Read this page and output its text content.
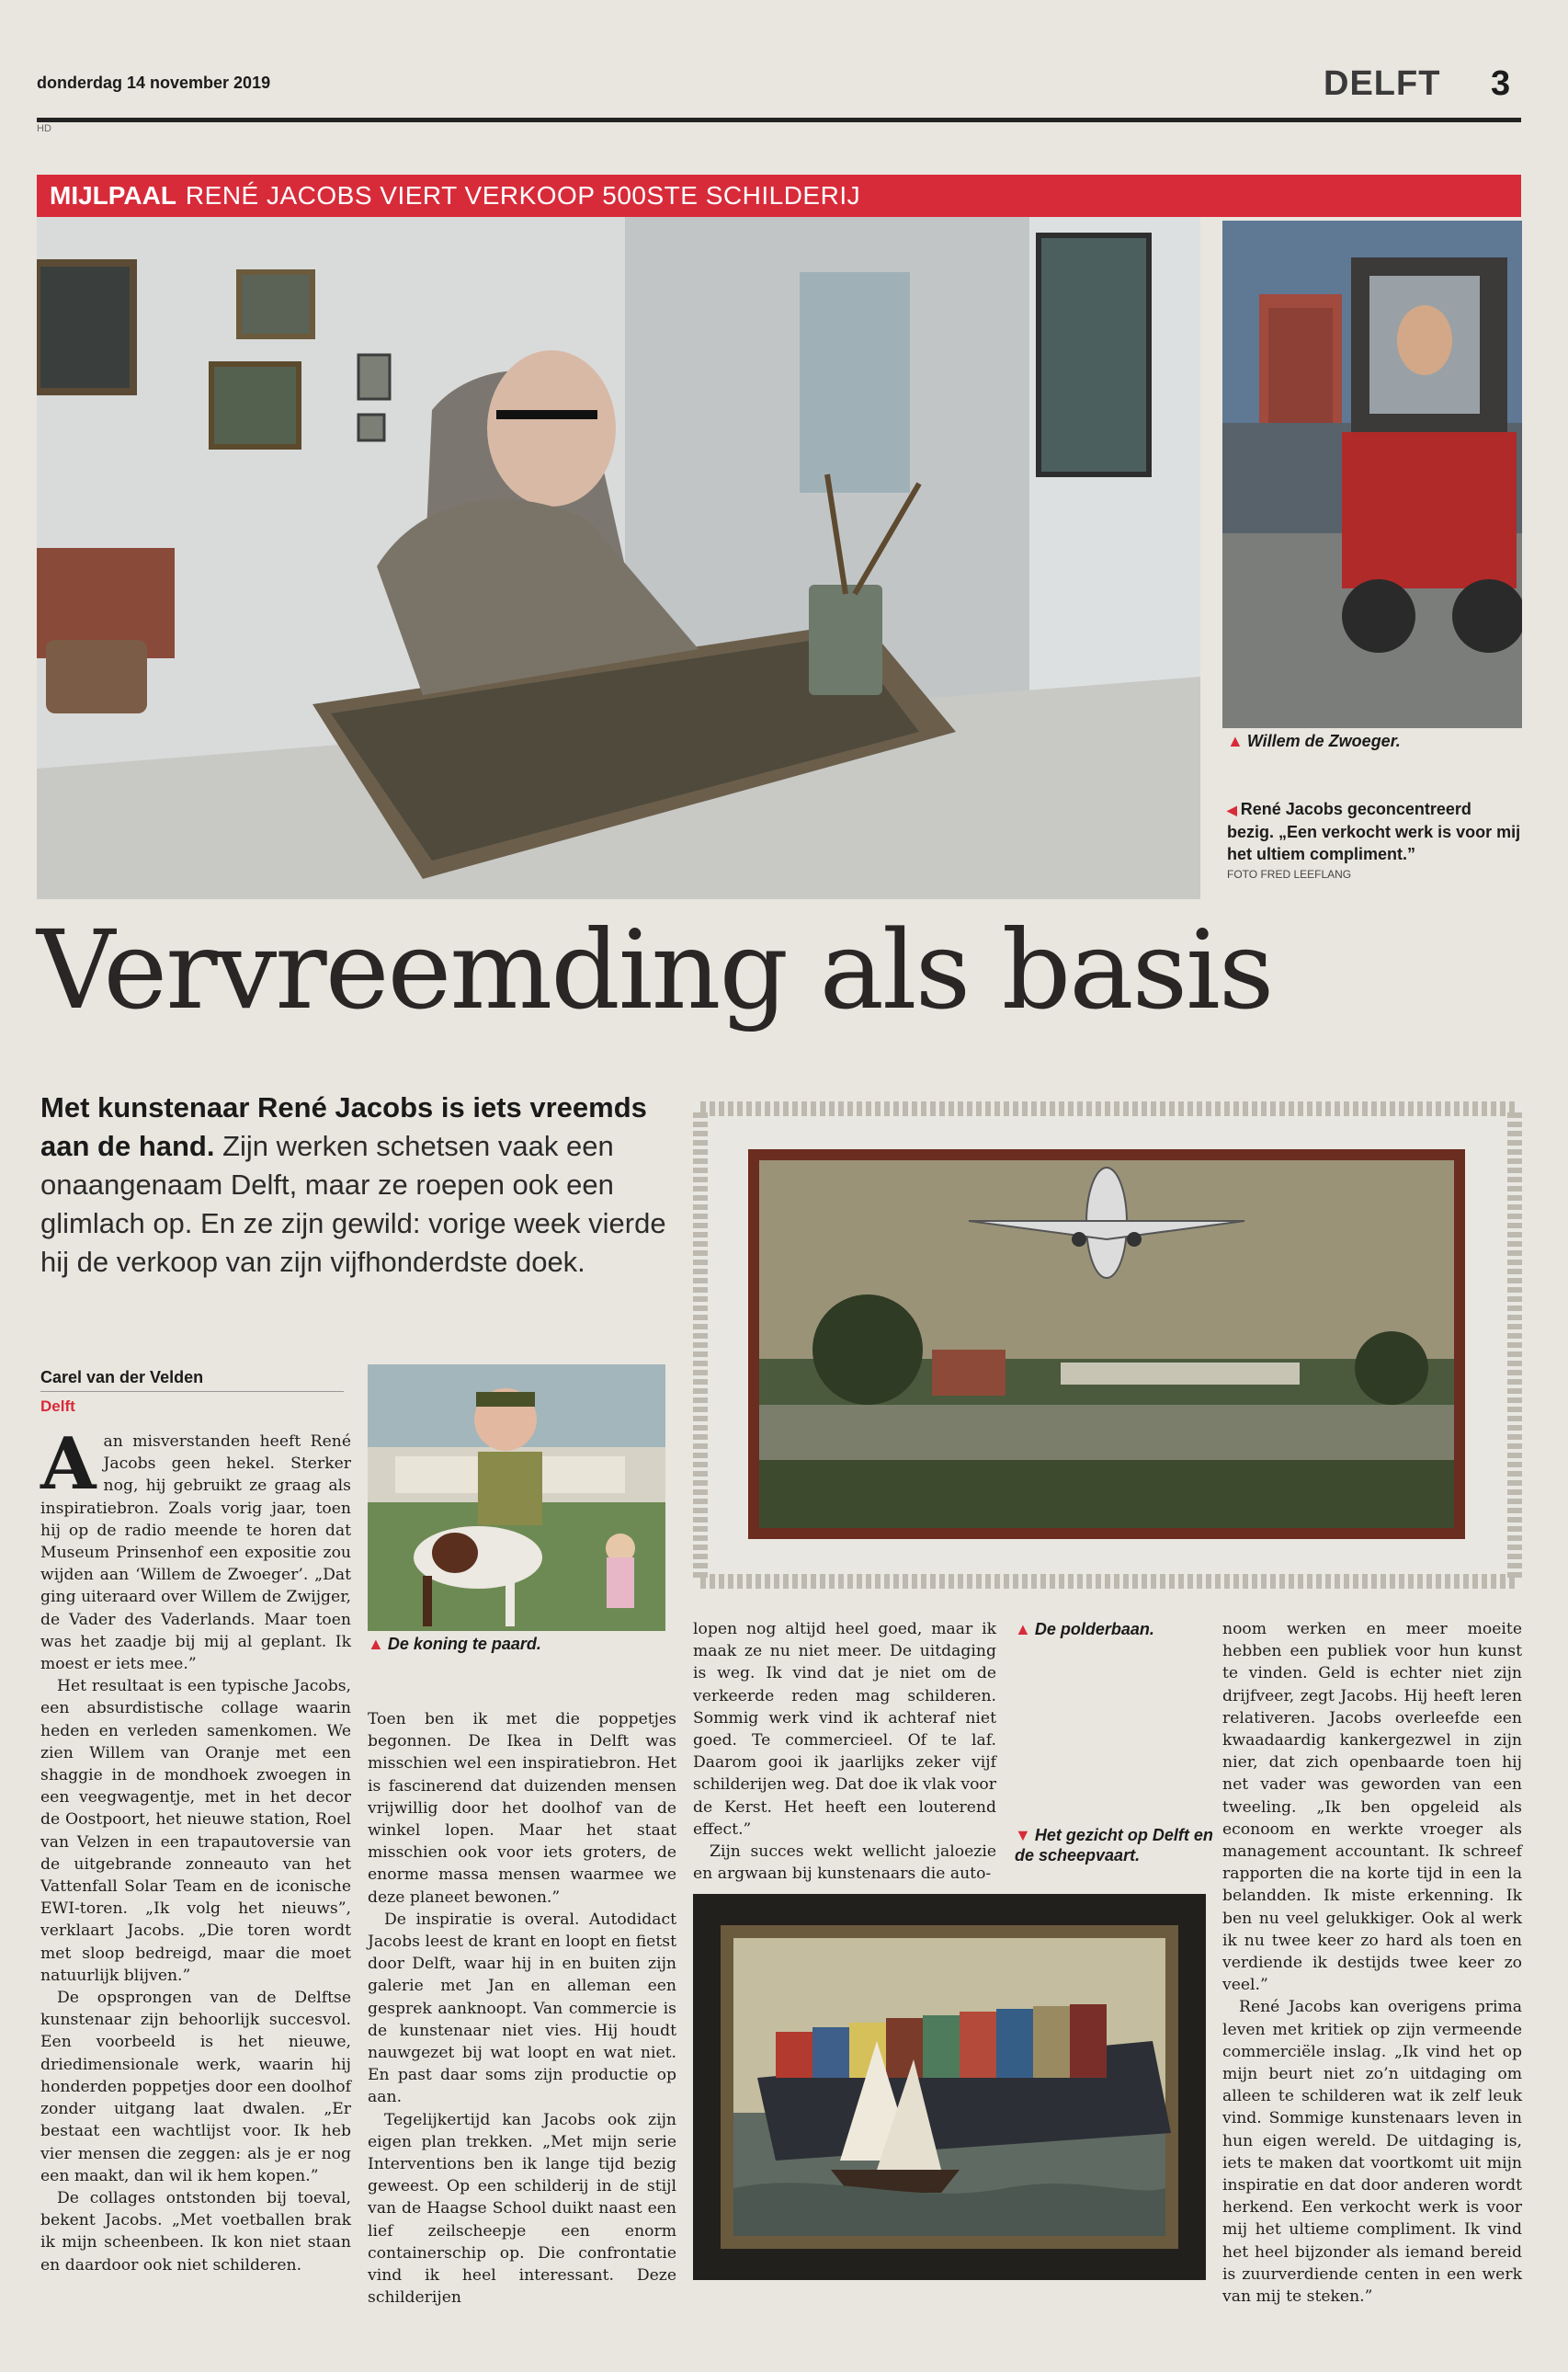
donderdag 14 november 2019	DELFT 3
HD
MIJLPAAL RENÉ JACOBS VIERT VERKOOP 500STE SCHILDERIJ
▲ Willem de Zwoeger.
◀ René Jacobs geconcentreerd bezig. „Een verkocht werk is voor mij het ultiem compliment.”
FOTO FRED LEEFLANG
Vervreemding als basis
Met kunstenaar René Jacobs is iets vreemds aan de hand. Zijn werken schetsen vaak een onaangenaam Delft, maar ze roepen ook een glimlach op. En ze zijn gewild: vorige week vierde hij de verkoop van zijn vijfhonderdste doek.
Carel van der Velden
Delft
▲ De koning te paard.
▲ De polderbaan.
▼ Het gezicht op Delft en de scheepvaart.

Aan misverstanden heeft René Jacobs geen hekel. Sterker nog, hij gebruikt ze graag als inspiratiebron. Zoals vorig jaar, toen hij op de radio meende te horen dat Museum Prinsenhof een expositie zou wijden aan ‘Willem de Zwoeger’. „Dat ging uiteraard over Willem de Zwijger, de Vader des Vaderlands. Maar toen was het zaadje bij mij al geplant. Ik moest er iets mee.”

Het resultaat is een typische Jacobs, een absurdistische collage waarin heden en verleden samenkomen. We zien Willem van Oranje met een shaggie in de mondhoek zwoegen in een veegwagentje, met in het decor de Oostpoort, het nieuwe station, Roel van Velzen in een trapautoversie van de uitgebrande zonneauto van het Vattenfall Solar Team en de iconische EWI-toren. „Ik volg het nieuws”, verklaart Jacobs. „Die toren wordt met sloop bedreigd, maar die moet natuurlijk blijven.”

De opsprongen van de Delftse kunstenaar zijn behoorlijk succesvol. Een voorbeeld is het nieuwe, driedimensionale werk, waarin hij honderden poppetjes door een doolhof zonder uitgang laat dwalen. „Er bestaat een wachtlijst voor. Ik heb vier mensen die zeggen: als je er nog een maakt, dan wil ik hem kopen.”

De collages ontstonden bij toeval, bekent Jacobs. „Met voetballen brak ik mijn scheenbeen. Ik kon niet staan en daardoor ook niet schilderen.

Toen ben ik met die poppetjes begonnen. De Ikea in Delft was misschien wel een inspiratiebron. Het is fascinerend dat duizenden mensen vrijwillig door het doolhof van de winkel lopen. Maar het staat misschien ook voor iets groters, de enorme massa mensen waarmee we deze planeet bewonen.”

De inspiratie is overal. Autodidact Jacobs leest de krant en loopt en fietst door Delft, waar hij in en buiten zijn galerie met Jan en alleman een gesprek aanknoopt. Van commercie is de kunstenaar niet vies. Hij houdt nauwgezet bij wat loopt en wat niet. En past daar soms zijn productie op aan.

Tegelijkertijd kan Jacobs ook zijn eigen plan trekken. „Met mijn serie Interventions ben ik lange tijd bezig geweest. Op een schilderij in de stijl van de Haagse School duikt naast een lief zeilscheepje een enorm containerschip op. Die confrontatie vind ik heel interessant. Deze schilderijen

lopen nog altijd heel goed, maar ik maak ze nu niet meer. De uitdaging is weg. Ik vind dat je niet om de verkeerde reden mag schilderen. Sommig werk vind ik achteraf niet goed. Te commercieel. Of te laf. Daarom gooi ik jaarlijks zeker vijf schilderijen weg. Dat doe ik vlak voor de Kerst. Het heeft een louterend effect.”

Zijn succes wekt wellicht jaloezie en argwaan bij kunstenaars die auto-

noom werken en meer moeite hebben een publiek voor hun kunst te vinden. Geld is echter niet zijn drijfveer, zegt Jacobs. Hij heeft leren relativeren. Jacobs overleefde een kwaadaardig kankergezwel in zijn nier, dat zich openbaarde toen hij net vader was geworden van een tweeling. „Ik ben opgeleid als econoom en werkte vroeger als management accountant. Ik schreef rapporten die na korte tijd in een la belandden. Ik miste erkenning. Ik ben nu veel gelukkiger. Ook al werk ik nu twee keer zo hard als toen en verdiende ik destijds twee keer zo veel.”

René Jacobs kan overigens prima leven met kritiek op zijn vermeende commerciële inslag. „Ik vind het op mijn beurt niet zo’n uitdaging om alleen te schilderen wat ik zelf leuk vind. Sommige kunstenaars leven in hun eigen wereld. De uitdaging is, iets te maken dat voortkomt uit mijn inspiratie en dat door anderen wordt herkend. Een verkocht werk is voor mij het ultieme compliment. Ik vind het heel bijzonder als iemand bereid is zuurverdiende centen in een werk van mij te steken.”
